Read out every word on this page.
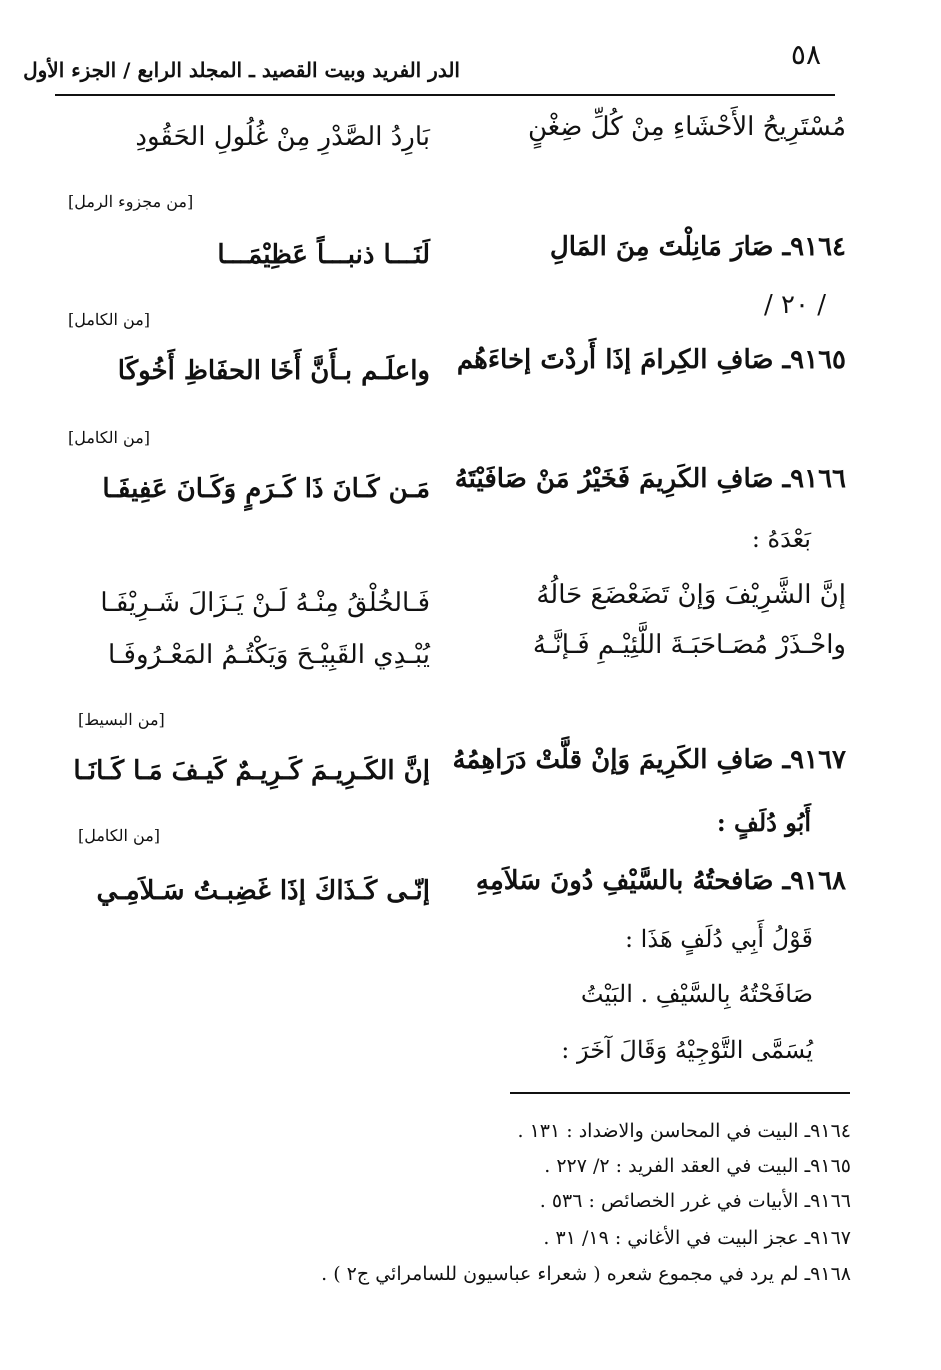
٥٨
الدر الفريد وبيت القصيد ـ المجلد الرابع / الجزء الأول
مُسْتَرِيحُ الأَحْشَاءِ مِنْ كُلِّ ضِغْنٍ
بَارِدُ الصَّدْرِ مِنْ غُلُولِ الحَقُودِ
[من مجزوء الرمل]
٩١٦٤ـ صَارَ مَانِلْتَ مِنَ المَالِ
لَنَـــا ذنبـــاً عَظِيْمَـــا
/ ٢٠ /
[من الكامل]
٩١٦٥ـ صَافِ الكِرامَ إذَا أَردْتَ إخاءَهُم
واعلَـم بـأَنَّ أَخَا الحفَاظِ أَخُوكَا
[من الكامل]
٩١٦٦ـ صَافِ الكَرِيمَ فَخَيْرُ مَنْ صَافَيْتَهُ
مَـن كَـانَ ذَا كَـرَمٍ وَكَـانَ عَفِيفَـا
بَعْدَهُ :
إنَّ الشَّرِيْفَ وَإنْ تَضَعْضَعَ حَالُهُ
فَـالخُلْقُ مِنْـهُ لَـنْ يَـزَالَ شَـرِيْفَـا
واحْـذَرْ مُصَـاحَبَـةَ اللَّئِيْـمِ فَـإنَّـهُ
يُبْـدِي القَبِيْـحَ وَيَكْتُـمُ المَعْـرُوفَـا
[من البسيط]
٩١٦٧ـ صَافِ الكَرِيمَ وَإنْ قلَّتْ دَرَاهِمُهُ
إنَّ الكَـرِيـمَ كَـرِيـمٌ كَيـفَ مَـا كَـانَـا
أَبُو دُلَفٍ :
[من الكامل]
٩١٦٨ـ صَافحتُهُ بالسَّيْفِ دُونَ سَلاَمِهِ
إنّـى كَـذَاكَ إذَا غَضِبـتُ سَـلاَمِـي
قَوْلُ أَبِي دُلَفٍ هَذَا :
صَافَحْتُهُ بِالسَّيْفِ . البَيْتُ
يُسَمَّى التَّوْجِيْهُ وَقَالَ آخَرَ :
٩١٦٤ـ البيت في المحاسن والاضداد : ١٣١ .
٩١٦٥ـ البيت في العقد الفريد : ٢/ ٢٢٧ .
٩١٦٦ـ الأبيات في غرر الخصائص : ٥٣٦ .
٩١٦٧ـ عجز البيت في الأغاني : ١٩/ ٣١ .
٩١٦٨ـ لم يرد في مجموع شعره ( شعراء عباسيون للسامرائي ج٢ ) .
